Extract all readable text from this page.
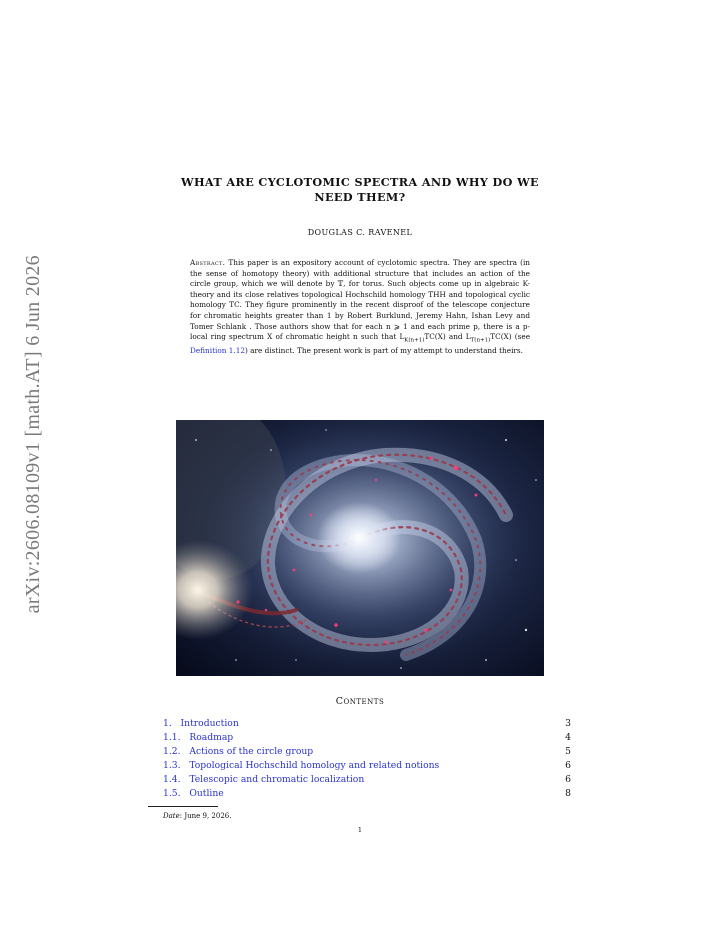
arXiv:2606.08109v1 [math.AT] 6 Jun 2026
WHAT ARE CYCLOTOMIC SPECTRA AND WHY DO WE
NEED THEM?
DOUGLAS C. RAVENEL
Abstract. This paper is an expository account of cyclotomic spectra. They are spectra (in the sense of homotopy theory) with additional structure that includes an action of the circle group, which we will denote by 𝕋, for torus. Such objects come up in algebraic K-theory and its close relatives topological Hochschild homology THH and topological cyclic homology TC. They figure prominently in the recent disproof of the telescope conjecture for chromatic heights greater than 1 by Robert Burklund, Jeremy Hahn, Ishan Levy and Tomer Schlank . Those authors show that for each n ⩾ 1 and each prime p, there is a p-local ring spectrum X of chromatic height n such that $L_{K(n+1)}TC(X)$ and $L_{T(n+1)}TC(X)$ (see Definition 1.12) are distinct. The present work is part of my attempt to understand theirs.
Contents
1. Introduction	3
1.1. Roadmap	4
1.2. Actions of the circle group	5
1.3. Topological Hochschild homology and related notions	6
1.4. Telescopic and chromatic localization	6
1.5. Outline	8
Date: June 9, 2026.
1
